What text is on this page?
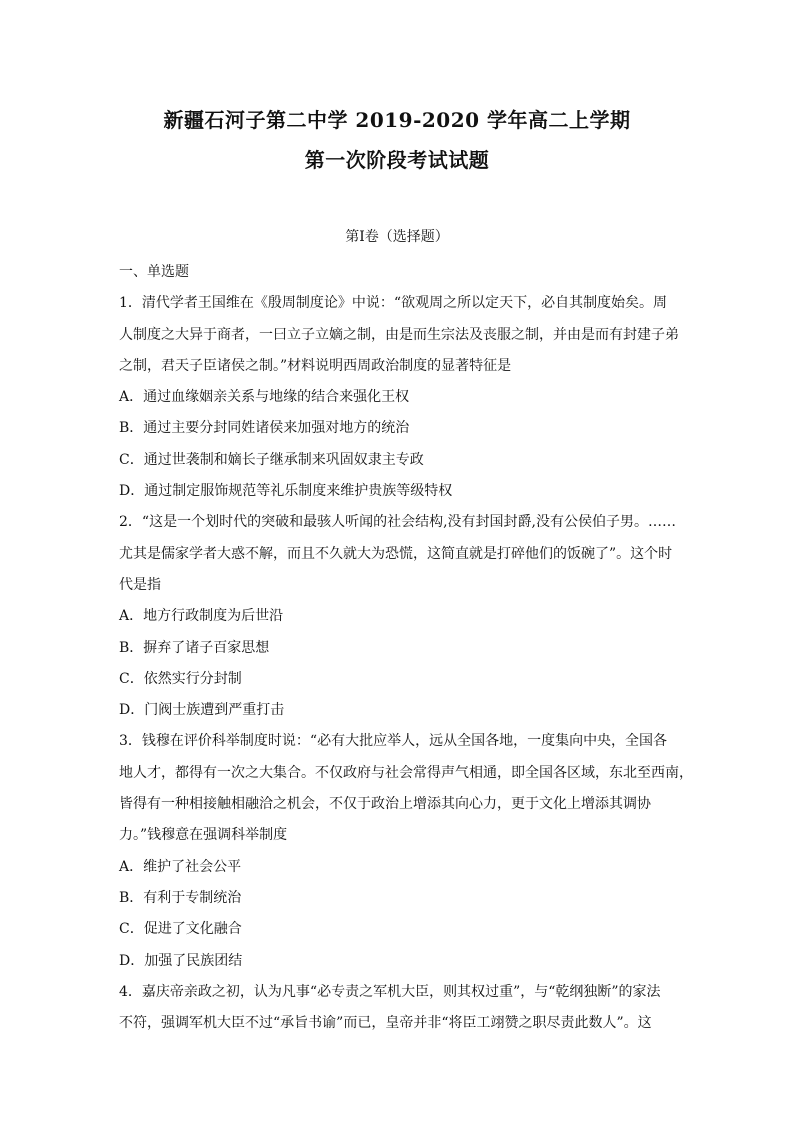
新疆石河子第二中学 2019-2020 学年高二上学期
第一次阶段考试试题
第Ⅰ卷（选择题）
一、单选题
1．清代学者王国维在《殷周制度论》中说：“欲观周之所以定天下，必自其制度始矣。周
人制度之大异于商者，一曰立子立嫡之制，由是而生宗法及丧服之制，并由是而有封建子弟
之制，君天子臣诸侯之制。”材料说明西周政治制度的显著特征是
A．通过血缘姻亲关系与地缘的结合来强化王权
B．通过主要分封同姓诸侯来加强对地方的统治
C．通过世袭制和嫡长子继承制来巩固奴隶主专政
D．通过制定服饰规范等礼乐制度来维护贵族等级特权
2．“这是一个划时代的突破和最骇人听闻的社会结构,没有封国封爵,没有公侯伯子男。……
尤其是儒家学者大惑不解，而且不久就大为恐慌，这简直就是打碎他们的饭碗了”。这个时
代是指
A．地方行政制度为后世沿
B．摒弃了诸子百家思想
C．依然实行分封制
D．门阀士族遭到严重打击
3．钱穆在评价科举制度时说：“必有大批应举人，远从全国各地，一度集向中央，全国各
地人才，都得有一次之大集合。不仅政府与社会常得声气相通，即全国各区域，东北至西南，
皆得有一种相接触相融洽之机会，不仅于政治上增添其向心力，更于文化上增添其调协
力。”钱穆意在强调科举制度
A．维护了社会公平
B．有利于专制统治
C．促进了文化融合
D．加强了民族团结
4．嘉庆帝亲政之初，认为凡事“必专责之军机大臣，则其权过重”，与“乾纲独断”的家法
不符，强调军机大臣不过“承旨书谕”而已，皇帝并非“将臣工翊赞之职尽责此数人”。这
